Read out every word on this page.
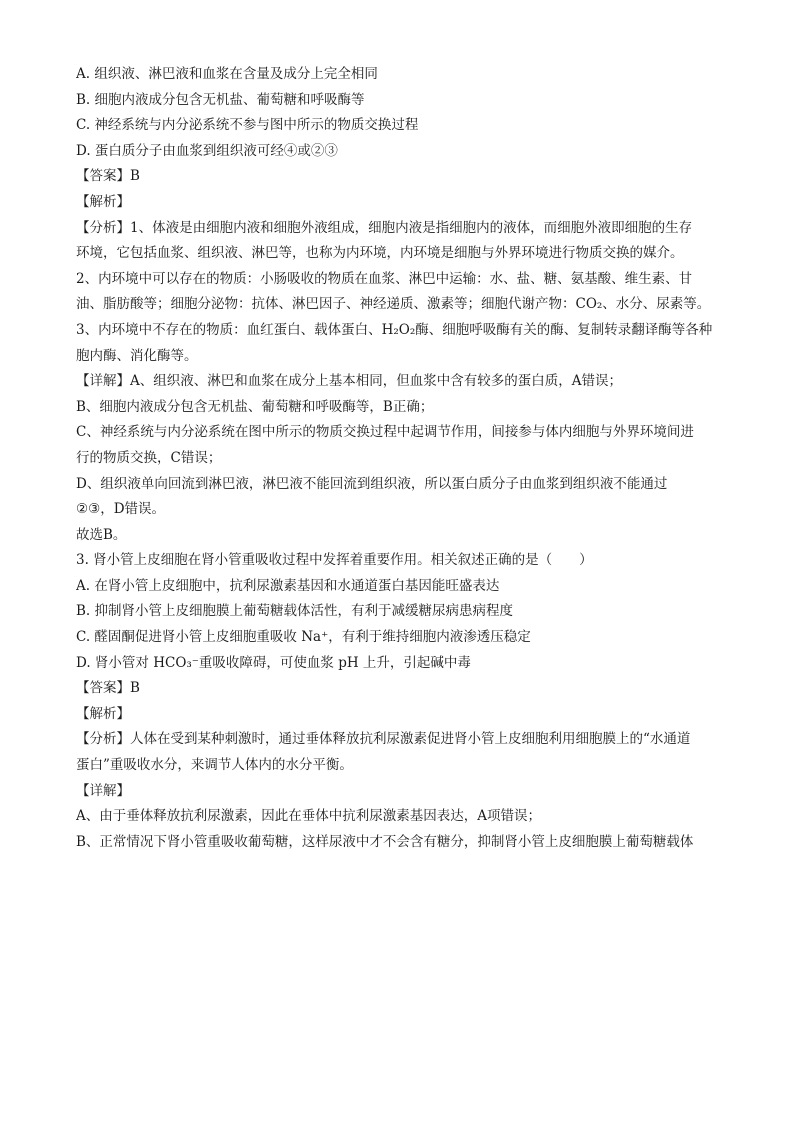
A. 组织液、淋巴液和血浆在含量及成分上完全相同
B. 细胞内液成分包含无机盐、葡萄糖和呼吸酶等
C. 神经系统与内分泌系统不参与图中所示的物质交换过程
D. 蛋白质分子由血浆到组织液可经④或②③
【答案】B
【解析】
【分析】1、体液是由细胞内液和细胞外液组成，细胞内液是指细胞内的液体，而细胞外液即细胞的生存
环境，它包括血浆、组织液、淋巴等，也称为内环境，内环境是细胞与外界环境进行物质交换的媒介。
2、内环境中可以存在的物质：小肠吸收的物质在血浆、淋巴中运输：水、盐、糖、氨基酸、维生素、甘
油、脂肪酸等；细胞分泌物：抗体、淋巴因子、神经递质、激素等；细胞代谢产物：CO₂、水分、尿素等。
3、内环境中不存在的物质：血红蛋白、载体蛋白、H₂O₂酶、细胞呼吸酶有关的酶、复制转录翻译酶等各种
胞内酶、消化酶等。
【详解】A、组织液、淋巴和血浆在成分上基本相同，但血浆中含有较多的蛋白质，A错误；
B、细胞内液成分包含无机盐、葡萄糖和呼吸酶等，B正确；
C、神经系统与内分泌系统在图中所示的物质交换过程中起调节作用，间接参与体内细胞与外界环境间进
行的物质交换，C错误；
D、组织液单向回流到淋巴液，淋巴液不能回流到组织液，所以蛋白质分子由血浆到组织液不能通过
②③，D错误。
故选B。
3. 肾小管上皮细胞在肾小管重吸收过程中发挥着重要作用。相关叙述正确的是（　　）
A. 在肾小管上皮细胞中，抗利尿激素基因和水通道蛋白基因能旺盛表达
B. 抑制肾小管上皮细胞膜上葡萄糖载体活性，有利于减缓糖尿病患病程度
C. 醛固酮促进肾小管上皮细胞重吸收 Na⁺，有利于维持细胞内液渗透压稳定
D. 肾小管对 HCO₃⁻重吸收障碍，可使血浆 pH 上升，引起碱中毒
【答案】B
【解析】
【分析】人体在受到某种刺激时，通过垂体释放抗利尿激素促进肾小管上皮细胞利用细胞膜上的“水通道
蛋白”重吸收水分，来调节人体内的水分平衡。
【详解】
A、由于垂体释放抗利尿激素，因此在垂体中抗利尿激素基因表达，A项错误；
B、正常情况下肾小管重吸收葡萄糖，这样尿液中才不会含有糖分，抑制肾小管上皮细胞膜上葡萄糖载体
